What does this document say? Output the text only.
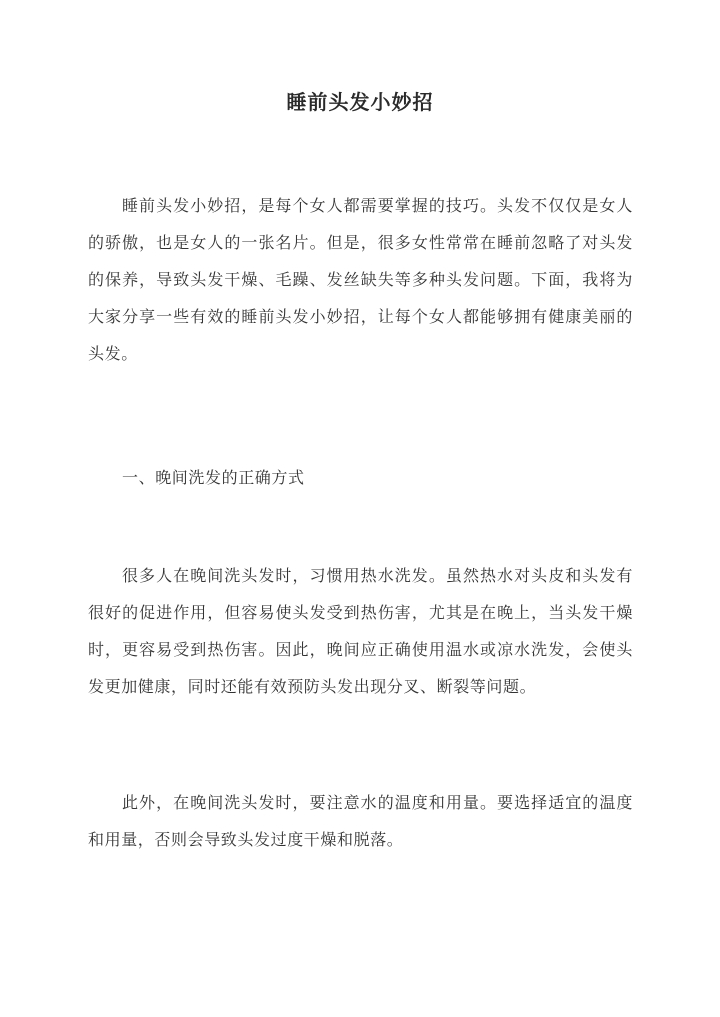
睡前头发小妙招

睡前头发小妙招，是每个女人都需要掌握的技巧。头发不仅仅是女人的骄傲，也是女人的一张名片。但是，很多女性常常在睡前忽略了对头发的保养，导致头发干燥、毛躁、发丝缺失等多种头发问题。下面，我将为大家分享一些有效的睡前头发小妙招，让每个女人都能够拥有健康美丽的头发。

一、晚间洗发的正确方式

很多人在晚间洗头发时，习惯用热水洗发。虽然热水对头皮和头发有很好的促进作用，但容易使头发受到热伤害，尤其是在晚上，当头发干燥时，更容易受到热伤害。因此，晚间应正确使用温水或凉水洗发，会使头发更加健康，同时还能有效预防头发出现分叉、断裂等问题。

此外，在晚间洗头发时，要注意水的温度和用量。要选择适宜的温度和用量，否则会导致头发过度干燥和脱落。
